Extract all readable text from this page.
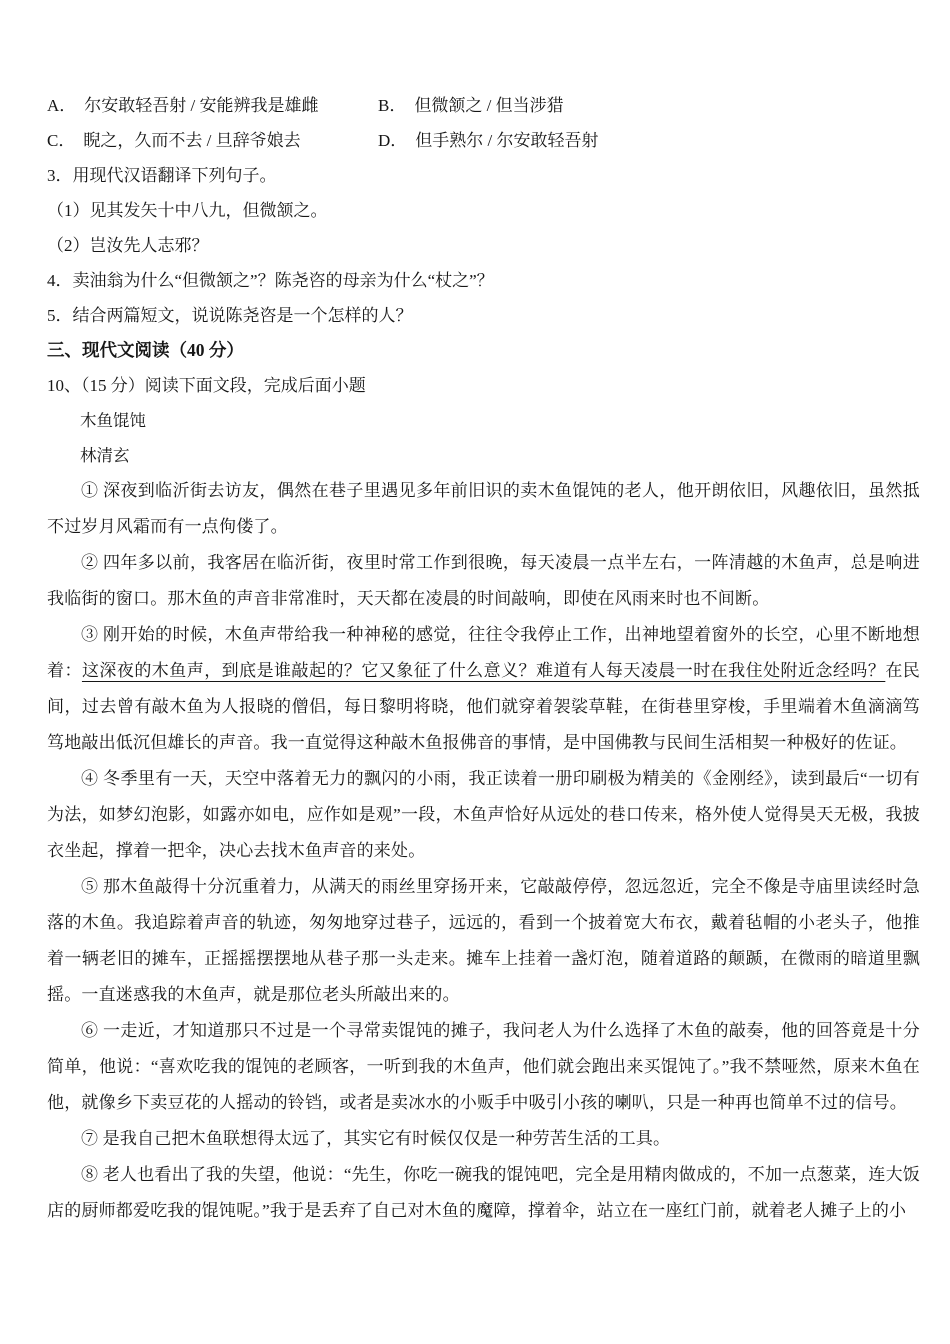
A． 尔安敢轻吾射 / 安能辨我是雄雌	B． 但微颔之 / 但当涉猎
C． 睨之，久而不去 / 旦辞爷娘去	D． 但手熟尔 / 尔安敢轻吾射
3．用现代汉语翻译下列句子。
（1）见其发矢十中八九，但微颔之。
（2）岂汝先人志邪？
4．卖油翁为什么“但微颔之”？陈尧咨的母亲为什么“杖之”？
5．结合两篇短文，说说陈尧咨是一个怎样的人？
三、现代文阅读（40 分）
10、（15 分）阅读下面文段，完成后面小题

木鱼馄饨

林清玄

① 深夜到临沂街去访友，偶然在巷子里遇见多年前旧识的卖木鱼馄饨的老人，他开朗依旧，风趣依旧，虽然抵不过岁月风霜而有一点佝偻了。

② 四年多以前，我客居在临沂街，夜里时常工作到很晚，每天凌晨一点半左右，一阵清越的木鱼声，总是响进我临街的窗口。那木鱼的声音非常准时，天天都在凌晨的时间敲响，即使在风雨来时也不间断。

③ 刚开始的时候，木鱼声带给我一种神秘的感觉，往往令我停止工作，出神地望着窗外的长空，心里不断地想着：这深夜的木鱼声，到底是谁敲起的？它又象征了什么意义？难道有人每天凌晨一时在我住处附近念经吗？在民间，过去曾有敲木鱼为人报晓的僧侣，每日黎明将晓，他们就穿着袈裟草鞋，在街巷里穿梭，手里端着木鱼滴滴笃笃地敲出低沉但雄长的声音。我一直觉得这种敲木鱼报佛音的事情，是中国佛教与民间生活相契一种极好的佐证。

④ 冬季里有一天，天空中落着无力的飘闪的小雨，我正读着一册印刷极为精美的《金刚经》，读到最后“一切有为法，如梦幻泡影，如露亦如电，应作如是观”一段，木鱼声恰好从远处的巷口传来，格外使人觉得昊天无极，我披衣坐起，撑着一把伞，决心去找木鱼声音的来处。

⑤ 那木鱼敲得十分沉重着力，从满天的雨丝里穿扬开来，它敲敲停停，忽远忽近，完全不像是寺庙里读经时急落的木鱼。我追踪着声音的轨迹，匆匆地穿过巷子，远远的，看到一个披着宽大布衣，戴着毡帽的小老头子，他推着一辆老旧的摊车，正摇摇摆摆地从巷子那一头走来。摊车上挂着一盏灯泡，随着道路的颠踬，在微雨的暗道里飘摇。一直迷惑我的木鱼声，就是那位老头所敲出来的。

⑥ 一走近，才知道那只不过是一个寻常卖馄饨的摊子，我问老人为什么选择了木鱼的敲奏，他的回答竟是十分简单，他说：“喜欢吃我的馄饨的老顾客，一听到我的木鱼声，他们就会跑出来买馄饨了。”我不禁哑然，原来木鱼在他，就像乡下卖豆花的人摇动的铃铛，或者是卖冰水的小贩手中吸引小孩的喇叭，只是一种再也简单不过的信号。

⑦ 是我自己把木鱼联想得太远了，其实它有时候仅仅是一种劳苦生活的工具。

⑧ 老人也看出了我的失望，他说：“先生，你吃一碗我的馄饨吧，完全是用精肉做成的，不加一点葱菜，连大饭店的厨师都爱吃我的馄饨呢。”我于是丢弃了自己对木鱼的魔障，撑着伞，站立在一座红门前，就着老人摊子上的小
